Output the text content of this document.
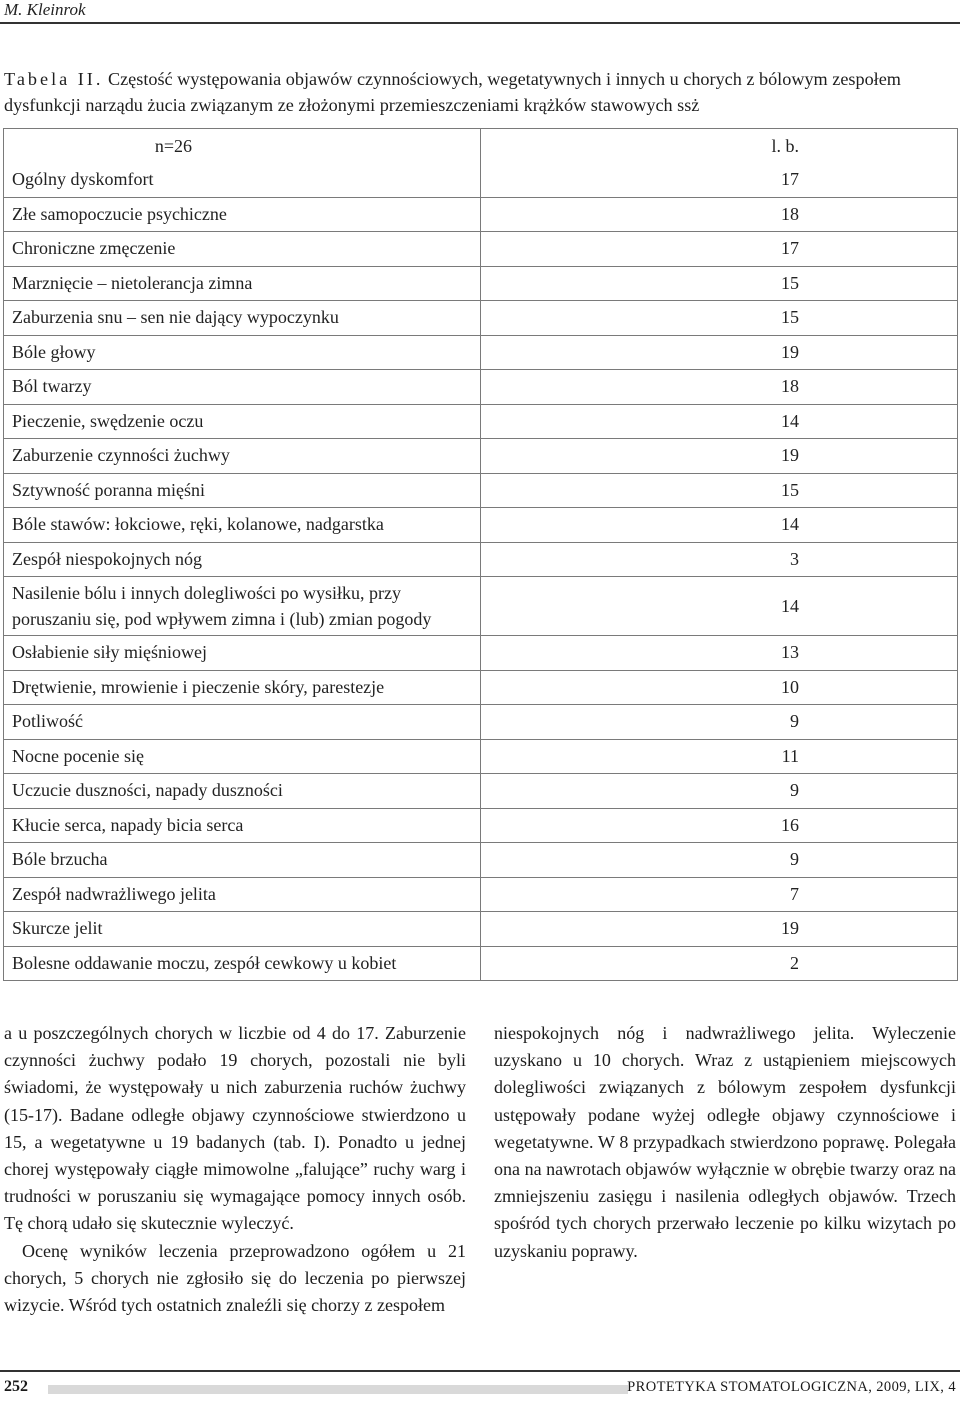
M. Kleinrok
Tabela II. Częstość występowania objawów czynnościowych, wegetatywnych i innych u chorych z bólowym zespołem dysfunkcji narządu żucia związanym ze złożonymi przemieszczeniami krążków stawowych ssż
n=26	l. b.
Ogólny dyskomfort	17
Złe samopoczucie psychiczne	18
Chroniczne zmęczenie	17
Marznięcie – nietolerancja zimna	15
Zaburzenia snu – sen nie dający wypoczynku	15
Bóle głowy	19
Ból twarzy	18
Pieczenie, swędzenie oczu	14
Zaburzenie czynności żuchwy	19
Sztywność poranna mięśni	15
Bóle stawów: łokciowe, ręki, kolanowe, nadgarstka	14
Zespół niespokojnych nóg	3
Nasilenie bólu i innych dolegliwości po wysiłku, przy poruszaniu się, pod wpływem zimna i (lub) zmian pogody	14
Osłabienie siły mięśniowej	13
Drętwienie, mrowienie i pieczenie skóry, parestezje	10
Potliwość	9
Nocne pocenie się	11
Uczucie duszności, napady duszności	9
Kłucie serca, napady bicia serca	16
Bóle brzucha	9
Zespół nadwrażliwego jelita	7
Skurcze jelit	19
Bolesne oddawanie moczu, zespół cewkowy u kobiet	2

a u poszczególnych chorych w liczbie od 4 do 17. Zaburzenie czynności żuchwy podało 19 chorych, pozostali nie byli świadomi, że występowały u nich zaburzenia ruchów żuchwy (15-17). Badane odległe objawy czynnościowe stwierdzono u 15, a wegetatywne u 19 badanych (tab. I). Ponadto u jednej chorej występowały ciągłe mimowolne „falujące” ruchy warg i trudności w poruszaniu się wymagające pomocy innych osób. Tę chorą udało się skutecznie wyleczyć.

Ocenę wyników leczenia przeprowadzono ogółem u 21 chorych, 5 chorych nie zgłosiło się do leczenia po pierwszej wizycie. Wśród tych ostatnich znaleźli się chorzy z zespołem

niespokojnych nóg i nadwrażliwego jelita. Wyleczenie uzyskano u 10 chorych. Wraz z ustąpieniem miejscowych dolegliwości związanych z bólowym zespołem dysfunkcji ustępowały podane wyżej odległe objawy czynnościowe i wegetatywne. W 8 przypadkach stwierdzono poprawę. Polegała ona na nawrotach objawów wyłącznie w obrębie twarzy oraz na zmniejszeniu zasięgu i nasilenia odległych objawów. Trzech spośród tych chorych przerwało leczenie po kilku wizytach po uzyskaniu poprawy.

252	PROTETYKA STOMATOLOGICZNA, 2009, LIX, 4
